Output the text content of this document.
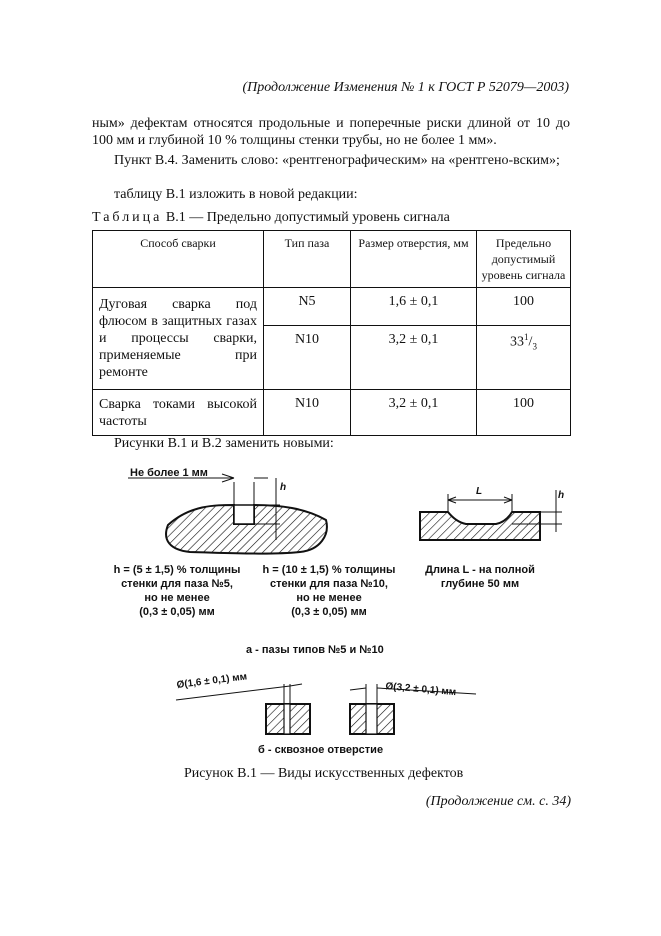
(Продолжение Изменения № 1 к ГОСТ Р 52079—2003)
ным» дефектам относятся продольные и поперечные риски длиной от 10 до 100 мм и глубиной 10 % толщины стенки трубы, но не более 1 мм».
Пункт В.4. Заменить слово: «рентгенографическим» на «рентгено-вским»;
таблицу В.1 изложить в новой редакции:
Таблица В.1 — Предельно допустимый уровень сигнала
Способ сварки	Тип паза	Размер отверстия, мм	Предельно допустимый уровень сигнала
Дуговая сварка под флюсом в защитных газах и процессы сварки, применяемые при ремонте	N5	1,6 ± 0,1	100
	N10	3,2 ± 0,1	$33^1/_3$
Сварка токами высокой частоты	N10	3,2 ± 0,1	100
Рисунки В.1 и В.2 заменить новыми:
Не более 1 мм
h	L	h
h = (5 ± 1,5) % толщины
стенки для паза №5,
но не менее
(0,3 ± 0,05) мм
h = (10 ± 1,5) % толщины
стенки для паза №10,
но не менее
(0,3 ± 0,05) мм
Длина L - на полной
глубине 50 мм
а - пазы типов №5 и №10
Ø(1,6 ± 0,1) мм	Ø(3,2 ± 0,1) мм
б - сквозное отверстие
Рисунок В.1 — Виды искусственных дефектов
(Продолжение см. с. 34)
